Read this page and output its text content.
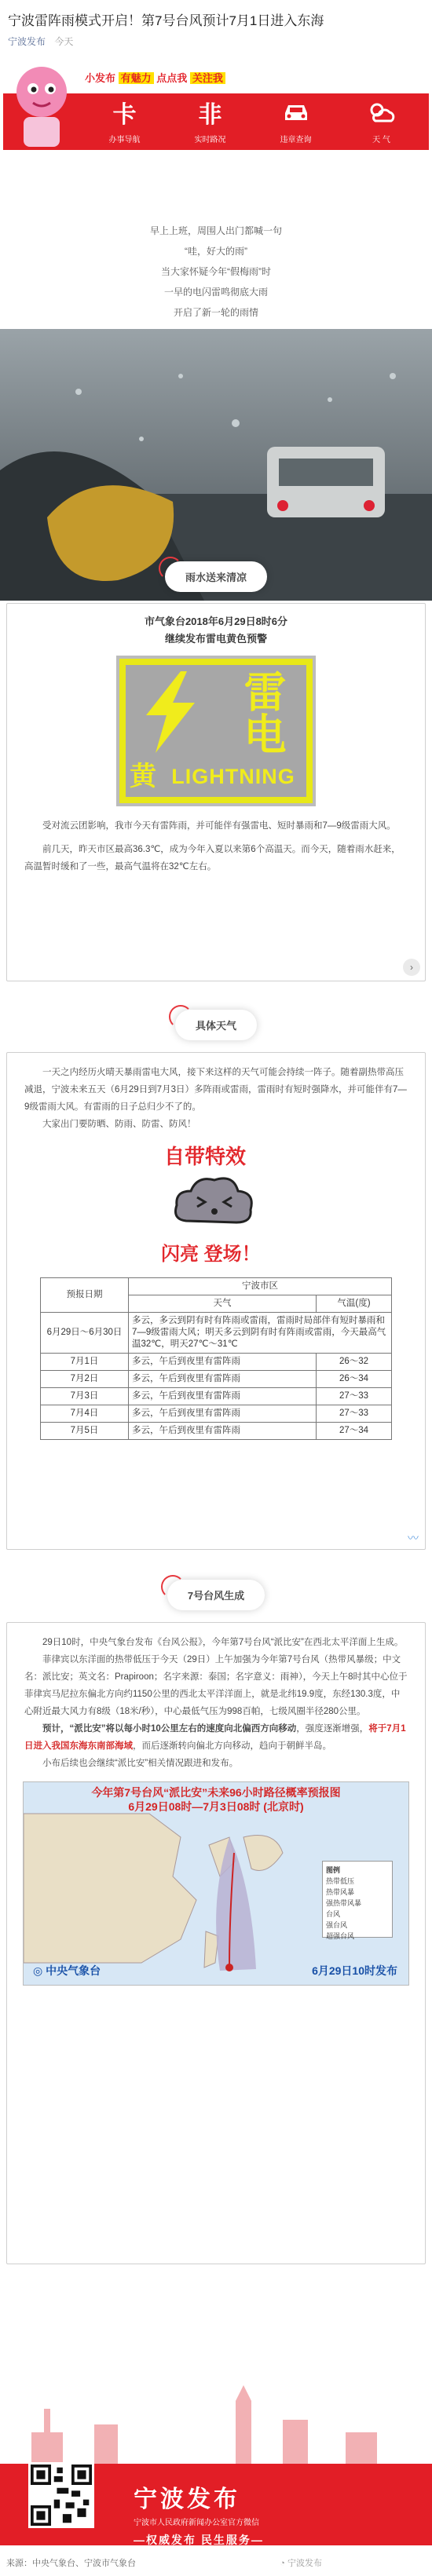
宁波雷阵雨模式开启！第7号台风预计7月1日进入东海
宁波发布 今天
小发布 有魅力 点点我 关注我
卡
办事导航
非
实时路况	违章查询	天 气
早上上班，周围人出门都喊一句
“哇，好大的雨”
当大家怀疑今年“假梅雨”时
一早的电闪雷鸣彻底大雨
开启了新一轮的雨情
雨水送来清凉
市气象台2018年6月29日8时6分
继续发布雷电黄色预警
雷电
黄 LIGHTNING
受对流云团影响，我市今天有雷阵雨，并可能伴有强雷电、短时暴雨和7—9级雷雨大风。
前几天，昨天市区最高36.3℃，成为今年入夏以来第6个高温天。而今天，随着雨水赶来，高温暂时缓和了一些，最高气温将在32℃左右。
›
具体天气
一天之内经历火晴天暴雨雷电大风，接下来这样的天气可能会持续一阵子。随着副热带高压减退，宁波未来五天（6月29日到7月3日）多阵雨或雷雨，雷雨时有短时强降水，并可能伴有7—9级雷雨大风。有雷雨的日子总归少不了的。
大家出门要防晒、防雨、防雷、防风！
自带特效
闪亮 登场！
预报日期	宁波市区	
	天气	气温(度)
6月29日～6月30日	多云，多云到阴有时有阵雨或雷雨，雷雨时局部伴有短时暴雨和7—9级雷雨大风；明天多云到阴有时有阵雨或雷雨，今天最高气温32℃，明天27℃～31℃	
7月1日	多云，午后到夜里有雷阵雨	26～32
7月2日	多云，午后到夜里有雷阵雨	26～34
7月3日	多云，午后到夜里有雷阵雨	27～33
7月4日	多云，午后到夜里有雷阵雨	27～33
7月5日	多云，午后到夜里有雷阵雨	27～34
〰
7号台风生成
29日10时，中央气象台发布《台风公报》，今年第7号台风“派比安”在西北太平洋面上生成。
菲律宾以东洋面的热带低压于今天（29日）上午加强为今年第7号台风（热带风暴级；中文名：派比安；英文名：Prapiroon；名字来源：泰国；名字意义：雨神），今天上午8时其中心位于菲律宾马尼拉东偏北方向约1150公里的西北太平洋洋面上，就是北纬19.9度，东经130.3度，中心附近最大风力有8级（18米/秒），中心最低气压为998百帕，七级风圈半径280公里。
预计，“派比安”将以每小时10公里左右的速度向北偏西方向移动，强度逐渐增强，将于7月1日进入我国东海东南部海域，而后逐渐转向偏北方向移动，趋向于朝鲜半岛。
小布后续也会继续“派比安”相关情况跟进和发布。
今年第7号台风“派比安”未来96小时路径概率预报图
6月29日08时—7月3日08时 (北京时)
图例
热带低压
热带风暴
强热带风暴
台风
强台风
超强台风
◎ 中央气象台	6月29日10时发布
宁波发布
宁波市人民政府新闻办公室官方微信
—权威发布 民生服务—
来源：中央气象台、宁波市气象台	◔ 宁波发布
